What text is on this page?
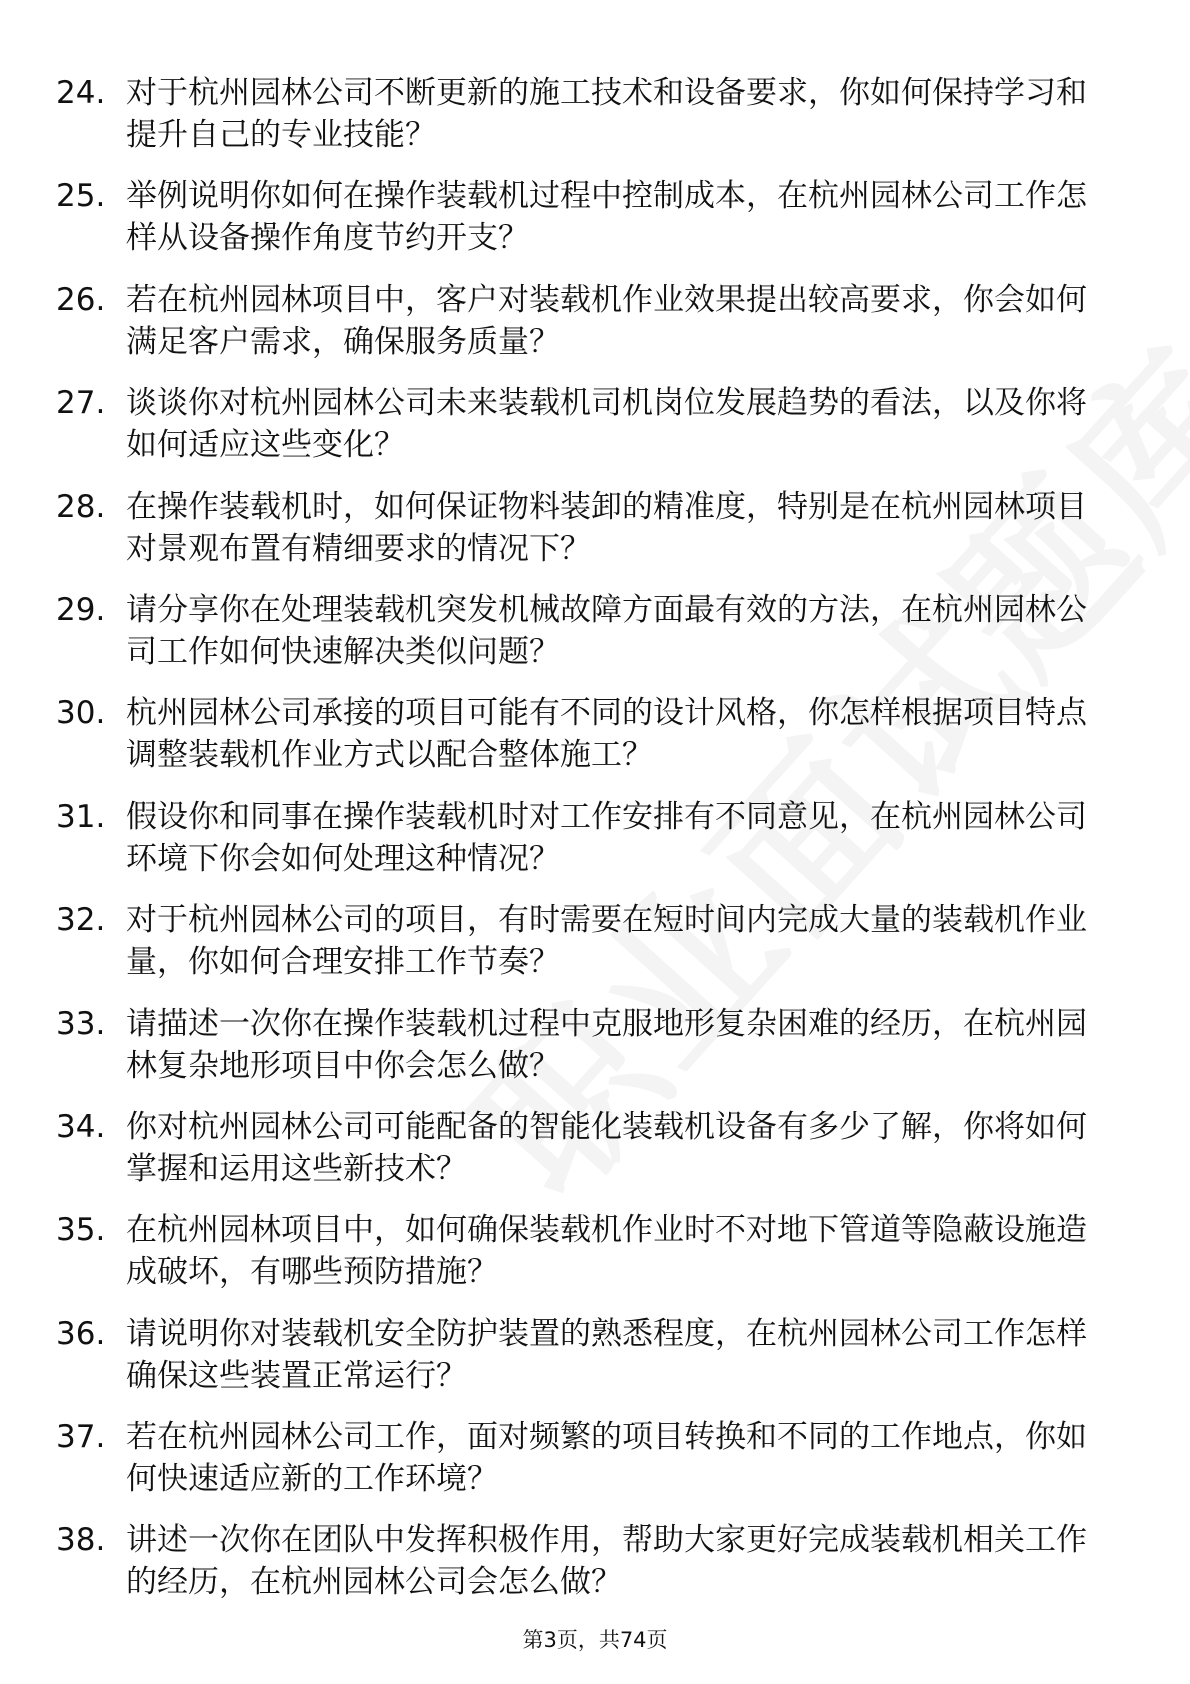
24. 对于杭州园林公司不断更新的施工技术和设备要求，你如何保持学习和提升自己的专业技能？
25. 举例说明你如何在操作装载机过程中控制成本，在杭州园林公司工作怎样从设备操作角度节约开支？
26. 若在杭州园林项目中，客户对装载机作业效果提出较高要求，你会如何满足客户需求，确保服务质量？
27. 谈谈你对杭州园林公司未来装载机司机岗位发展趋势的看法，以及你将如何适应这些变化？
28. 在操作装载机时，如何保证物料装卸的精准度，特别是在杭州园林项目对景观布置有精细要求的情况下？
29. 请分享你在处理装载机突发机械故障方面最有效的方法，在杭州园林公司工作如何快速解决类似问题？
30. 杭州园林公司承接的项目可能有不同的设计风格，你怎样根据项目特点调整装载机作业方式以配合整体施工？
31. 假设你和同事在操作装载机时对工作安排有不同意见，在杭州园林公司环境下你会如何处理这种情况？
32. 对于杭州园林公司的项目，有时需要在短时间内完成大量的装载机作业量，你如何合理安排工作节奏？
33. 请描述一次你在操作装载机过程中克服地形复杂困难的经历，在杭州园林复杂地形项目中你会怎么做？
34. 你对杭州园林公司可能配备的智能化装载机设备有多少了解，你将如何掌握和运用这些新技术？
35. 在杭州园林项目中，如何确保装载机作业时不对地下管道等隐蔽设施造成破坏，有哪些预防措施？
36. 请说明你对装载机安全防护装置的熟悉程度，在杭州园林公司工作怎样确保这些装置正常运行？
37. 若在杭州园林公司工作，面对频繁的项目转换和不同的工作地点，你如何快速适应新的工作环境？
38. 讲述一次你在团队中发挥积极作用，帮助大家更好完成装载机相关工作的经历，在杭州园林公司会怎么做？
第3页，共74页
